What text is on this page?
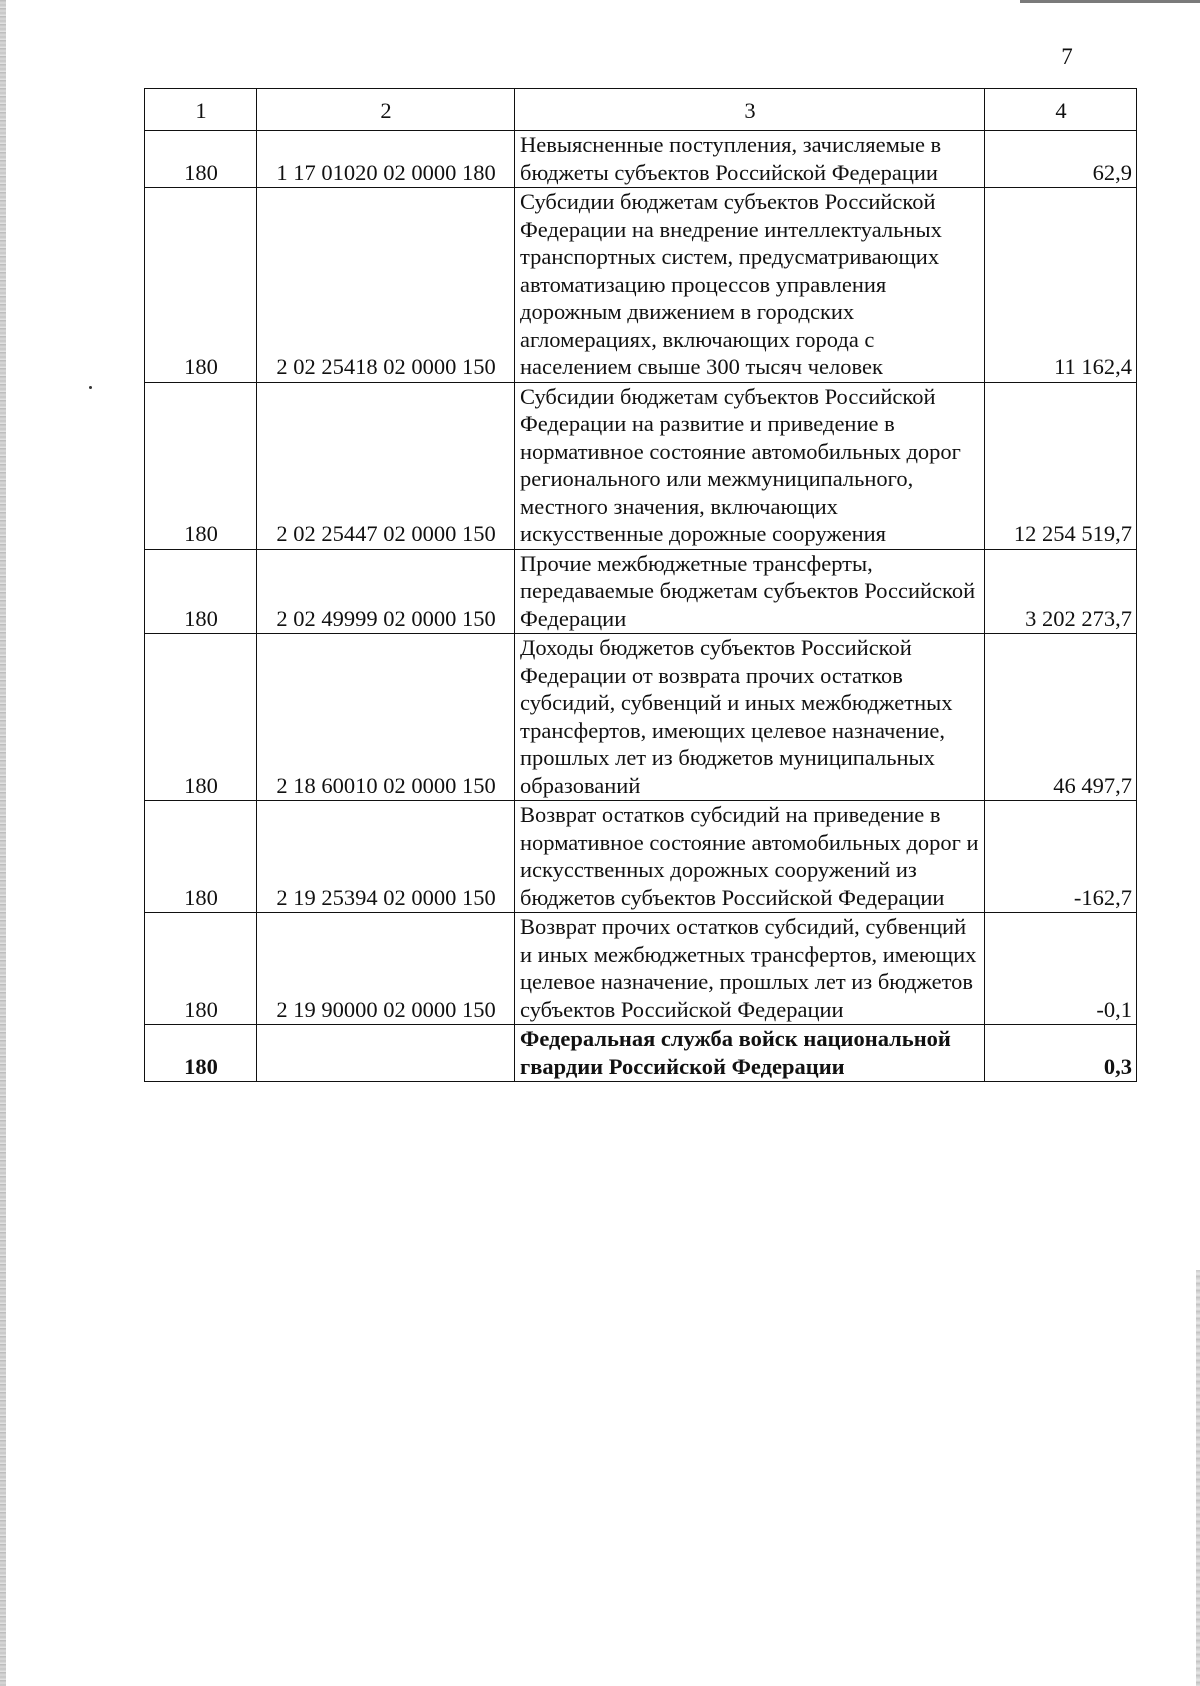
7
1	2	3	4
180	1 17 01020 02 0000 180	Невыясненные поступления, зачисляемые в бюджеты субъектов Российской Федерации	62,9
180	2 02 25418 02 0000 150	Субсидии бюджетам субъектов Российской Федерации на внедрение интеллектуальных транспортных систем, предусматривающих автоматизацию процессов управления дорожным движением в городских агломерациях, включающих города с населением свыше 300 тысяч человек	11 162,4
180	2 02 25447 02 0000 150	Субсидии бюджетам субъектов Российской Федерации на развитие и приведение в нормативное состояние автомобильных дорог регионального или межмуниципального, местного значения, включающих искусственные дорожные сооружения	12 254 519,7
180	2 02 49999 02 0000 150	Прочие межбюджетные трансферты, передаваемые бюджетам субъектов Российской Федерации	3 202 273,7
180	2 18 60010 02 0000 150	Доходы бюджетов субъектов Российской Федерации от возврата прочих остатков субсидий, субвенций и иных межбюджетных трансфертов, имеющих целевое назначение, прошлых лет из бюджетов муниципальных образований	46 497,7
180	2 19 25394 02 0000 150	Возврат остатков субсидий на приведение в нормативное состояние автомобильных дорог и искусственных дорожных сооружений из бюджетов субъектов Российской Федерации	-162,7
180	2 19 90000 02 0000 150	Возврат прочих остатков субсидий, субвенций и иных межбюджетных трансфертов, имеющих целевое назначение, прошлых лет из бюджетов субъектов Российской Федерации	-0,1
180		Федеральная служба войск национальной гвардии Российской Федерации	0,3
